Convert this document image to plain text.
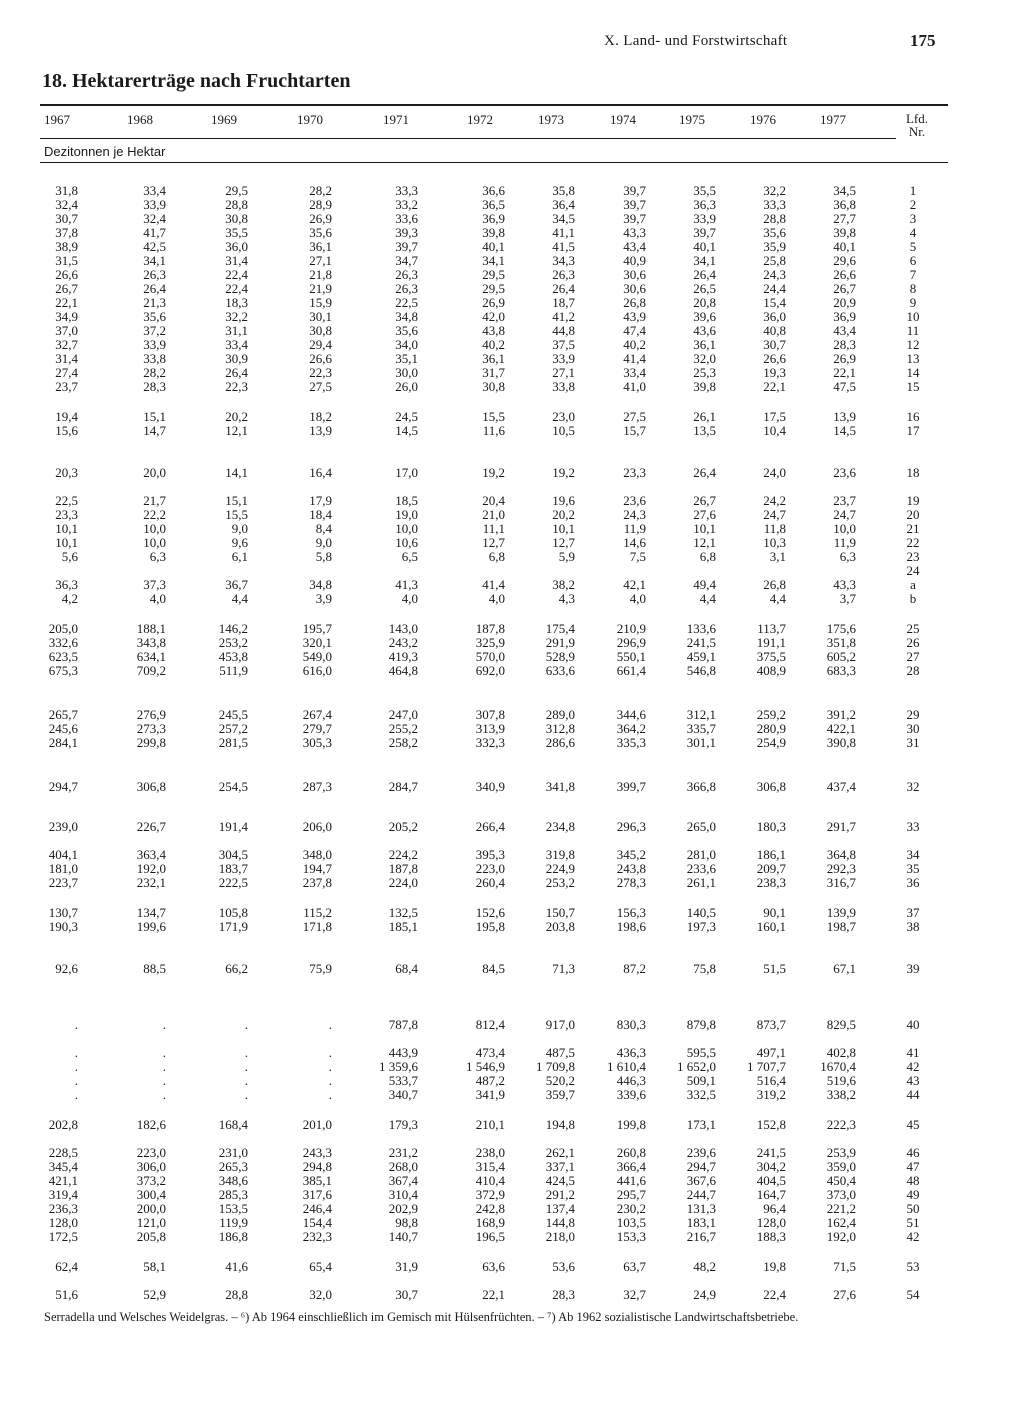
X. Land- und Forstwirtschaft	175
18. Hektarerträge nach Fruchtarten
1967	1968	1969	1970	1971	1972	1973	1974	1975	1976	1977	Lfd.
Nr.
Dezitonnen je Hektar
31,8	33,4	29,5	28,2	33,3	36,6	35,8	39,7	35,5	32,2	34,5	1
32,4	33,9	28,8	28,9	33,2	36,5	36,4	39,7	36,3	33,3	36,8	2
30,7	32,4	30,8	26,9	33,6	36,9	34,5	39,7	33,9	28,8	27,7	3
37,8	41,7	35,5	35,6	39,3	39,8	41,1	43,3	39,7	35,6	39,8	4
38,9	42,5	36,0	36,1	39,7	40,1	41,5	43,4	40,1	35,9	40,1	5
31,5	34,1	31,4	27,1	34,7	34,1	34,3	40,9	34,1	25,8	29,6	6
26,6	26,3	22,4	21,8	26,3	29,5	26,3	30,6	26,4	24,3	26,6	7
26,7	26,4	22,4	21,9	26,3	29,5	26,4	30,6	26,5	24,4	26,7	8
22,1	21,3	18,3	15,9	22,5	26,9	18,7	26,8	20,8	15,4	20,9	9
34,9	35,6	32,2	30,1	34,8	42,0	41,2	43,9	39,6	36,0	36,9	10
37,0	37,2	31,1	30,8	35,6	43,8	44,8	47,4	43,6	40,8	43,4	11
32,7	33,9	33,4	29,4	34,0	40,2	37,5	40,2	36,1	30,7	28,3	12
31,4	33,8	30,9	26,6	35,1	36,1	33,9	41,4	32,0	26,6	26,9	13
27,4	28,2	26,4	22,3	30,0	31,7	27,1	33,4	25,3	19,3	22,1	14
23,7	28,3	22,3	27,5	26,0	30,8	33,8	41,0	39,8	22,1	47,5	15
19,4	15,1	20,2	18,2	24,5	15,5	23,0	27,5	26,1	17,5	13,9	16
15,6	14,7	12,1	13,9	14,5	11,6	10,5	15,7	13,5	10,4	14,5	17
20,3	20,0	14,1	16,4	17,0	19,2	19,2	23,3	26,4	24,0	23,6	18
22,5	21,7	15,1	17,9	18,5	20,4	19,6	23,6	26,7	24,2	23,7	19
23,3	22,2	15,5	18,4	19,0	21,0	20,2	24,3	27,6	24,7	24,7	20
10,1	10,0	9,0	8,4	10,0	11,1	10,1	11,9	10,1	11,8	10,0	21
10,1	10,0	9,6	9,0	10,6	12,7	12,7	14,6	12,1	10,3	11,9	22
5,6	6,3	6,1	5,8	6,5	6,8	5,9	7,5	6,8	3,1	6,3	23
24
36,3	37,3	36,7	34,8	41,3	41,4	38,2	42,1	49,4	26,8	43,3	a
4,2	4,0	4,4	3,9	4,0	4,0	4,3	4,0	4,4	4,4	3,7	b
205,0	188,1	146,2	195,7	143,0	187,8	175,4	210,9	133,6	113,7	175,6	25
332,6	343,8	253,2	320,1	243,2	325,9	291,9	296,9	241,5	191,1	351,8	26
623,5	634,1	453,8	549,0	419,3	570,0	528,9	550,1	459,1	375,5	605,2	27
675,3	709,2	511,9	616,0	464,8	692,0	633,6	661,4	546,8	408,9	683,3	28
265,7	276,9	245,5	267,4	247,0	307,8	289,0	344,6	312,1	259,2	391,2	29
245,6	273,3	257,2	279,7	255,2	313,9	312,8	364,2	335,7	280,9	422,1	30
284,1	299,8	281,5	305,3	258,2	332,3	286,6	335,3	301,1	254,9	390,8	31
294,7	306,8	254,5	287,3	284,7	340,9	341,8	399,7	366,8	306,8	437,4	32
239,0	226,7	191,4	206,0	205,2	266,4	234,8	296,3	265,0	180,3	291,7	33
404,1	363,4	304,5	348,0	224,2	395,3	319,8	345,2	281,0	186,1	364,8	34
181,0	192,0	183,7	194,7	187,8	223,0	224,9	243,8	233,6	209,7	292,3	35
223,7	232,1	222,5	237,8	224,0	260,4	253,2	278,3	261,1	238,3	316,7	36
130,7	134,7	105,8	115,2	132,5	152,6	150,7	156,3	140,5	90,1	139,9	37
190,3	199,6	171,9	171,8	185,1	195,8	203,8	198,6	197,3	160,1	198,7	38
92,6	88,5	66,2	75,9	68,4	84,5	71,3	87,2	75,8	51,5	67,1	39
.	.	.	.	787,8	812,4	917,0	830,3	879,8	873,7	829,5	40
.	.	.	.	443,9	473,4	487,5	436,3	595,5	497,1	402,8	41
.	.	.	.	1 359,6	1 546,9	1 709,8	1 610,4	1 652,0	1 707,7	1670,4	42
.	.	.	.	533,7	487,2	520,2	446,3	509,1	516,4	519,6	43
.	.	.	.	340,7	341,9	359,7	339,6	332,5	319,2	338,2	44
202,8	182,6	168,4	201,0	179,3	210,1	194,8	199,8	173,1	152,8	222,3	45
228,5	223,0	231,0	243,3	231,2	238,0	262,1	260,8	239,6	241,5	253,9	46
345,4	306,0	265,3	294,8	268,0	315,4	337,1	366,4	294,7	304,2	359,0	47
421,1	373,2	348,6	385,1	367,4	410,4	424,5	441,6	367,6	404,5	450,4	48
319,4	300,4	285,3	317,6	310,4	372,9	291,2	295,7	244,7	164,7	373,0	49
236,3	200,0	153,5	246,4	202,9	242,8	137,4	230,2	131,3	96,4	221,2	50
128,0	121,0	119,9	154,4	98,8	168,9	144,8	103,5	183,1	128,0	162,4	51
172,5	205,8	186,8	232,3	140,7	196,5	218,0	153,3	216,7	188,3	192,0	42
62,4	58,1	41,6	65,4	31,9	63,6	53,6	63,7	48,2	19,8	71,5	53
51,6	52,9	28,8	32,0	30,7	22,1	28,3	32,7	24,9	22,4	27,6	54
Serradella und Welsches Weidelgras. – ⁶) Ab 1964 einschließlich im Gemisch mit Hülsenfrüchten. – ⁷) Ab 1962 sozialistische Landwirtschaftsbetriebe.
